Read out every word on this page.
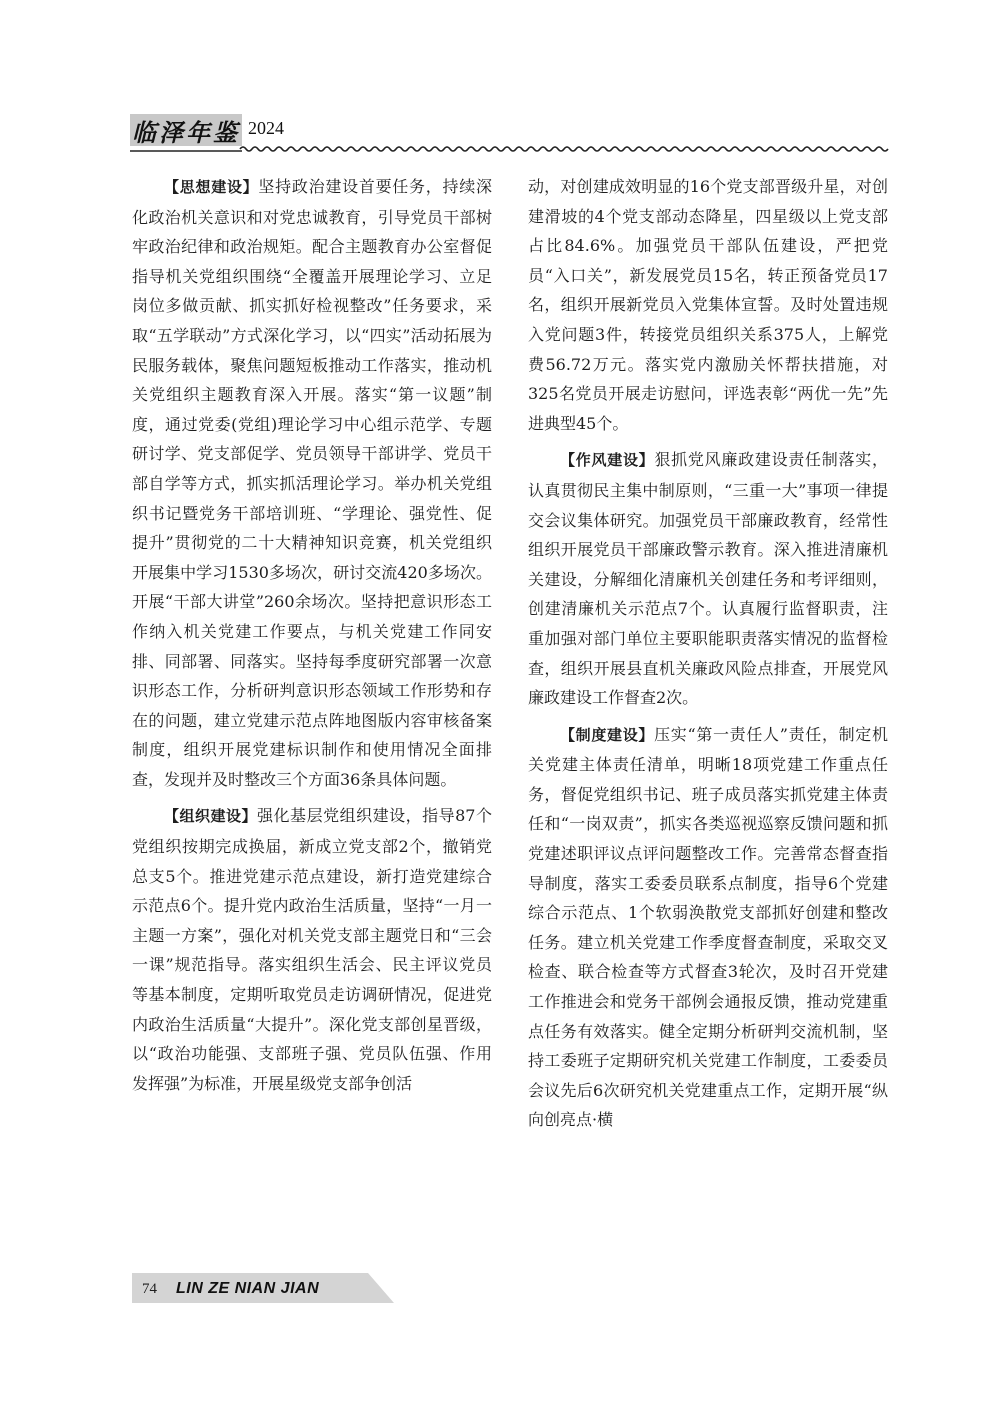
临泽年鉴 2024

【思想建设】坚持政治建设首要任务，持续深化政治机关意识和对党忠诚教育，引导党员干部树牢政治纪律和政治规矩。配合主题教育办公室督促指导机关党组织围绕“全覆盖开展理论学习、立足岗位多做贡献、抓实抓好检视整改”任务要求，采取“五学联动”方式深化学习，以“四实”活动拓展为民服务载体，聚焦问题短板推动工作落实，推动机关党组织主题教育深入开展。落实“第一议题”制度，通过党委(党组)理论学习中心组示范学、专题研讨学、党支部促学、党员领导干部讲学、党员干部自学等方式，抓实抓活理论学习。举办机关党组织书记暨党务干部培训班、“学理论、强党性、促提升”贯彻党的二十大精神知识竞赛，机关党组织开展集中学习1530多场次，研讨交流420多场次。开展“干部大讲堂”260余场次。坚持把意识形态工作纳入机关党建工作要点，与机关党建工作同安排、同部署、同落实。坚持每季度研究部署一次意识形态工作，分析研判意识形态领域工作形势和存在的问题，建立党建示范点阵地图版内容审核备案制度，组织开展党建标识制作和使用情况全面排查，发现并及时整改三个方面36条具体问题。

【组织建设】强化基层党组织建设，指导87个党组织按期完成换届，新成立党支部2个，撤销党总支5个。推进党建示范点建设，新打造党建综合示范点6个。提升党内政治生活质量，坚持“一月一主题一方案”，强化对机关党支部主题党日和“三会一课”规范指导。落实组织生活会、民主评议党员等基本制度，定期听取党员走访调研情况，促进党内政治生活质量“大提升”。深化党支部创星晋级，以“政治功能强、支部班子强、党员队伍强、作用发挥强”为标准，开展星级党支部争创活

动，对创建成效明显的16个党支部晋级升星，对创建滑坡的4个党支部动态降星，四星级以上党支部占比84.6%。加强党员干部队伍建设，严把党员“入口关”，新发展党员15名，转正预备党员17名，组织开展新党员入党集体宣誓。及时处置违规入党问题3件，转接党员组织关系375人，上解党费56.72万元。落实党内激励关怀帮扶措施，对325名党员开展走访慰问，评选表彰“两优一先”先进典型45个。

【作风建设】狠抓党风廉政建设责任制落实，认真贯彻民主集中制原则，“三重一大”事项一律提交会议集体研究。加强党员干部廉政教育，经常性组织开展党员干部廉政警示教育。深入推进清廉机关建设，分解细化清廉机关创建任务和考评细则，创建清廉机关示范点7个。认真履行监督职责，注重加强对部门单位主要职能职责落实情况的监督检查，组织开展县直机关廉政风险点排查，开展党风廉政建设工作督查2次。

【制度建设】压实“第一责任人”责任，制定机关党建主体责任清单，明晰18项党建工作重点任务，督促党组织书记、班子成员落实抓党建主体责任和“一岗双责”，抓实各类巡视巡察反馈问题和抓党建述职评议点评问题整改工作。完善常态督查指导制度，落实工委委员联系点制度，指导6个党建综合示范点、1个软弱涣散党支部抓好创建和整改任务。建立机关党建工作季度督查制度，采取交叉检查、联合检查等方式督查3轮次，及时召开党建工作推进会和党务干部例会通报反馈，推动党建重点任务有效落实。健全定期分析研判交流机制，坚持工委班子定期研究机关党建工作制度，工委委员会议先后6次研究机关党建重点工作，定期开展“纵向创亮点·横

74 LIN ZE NIAN JIAN
